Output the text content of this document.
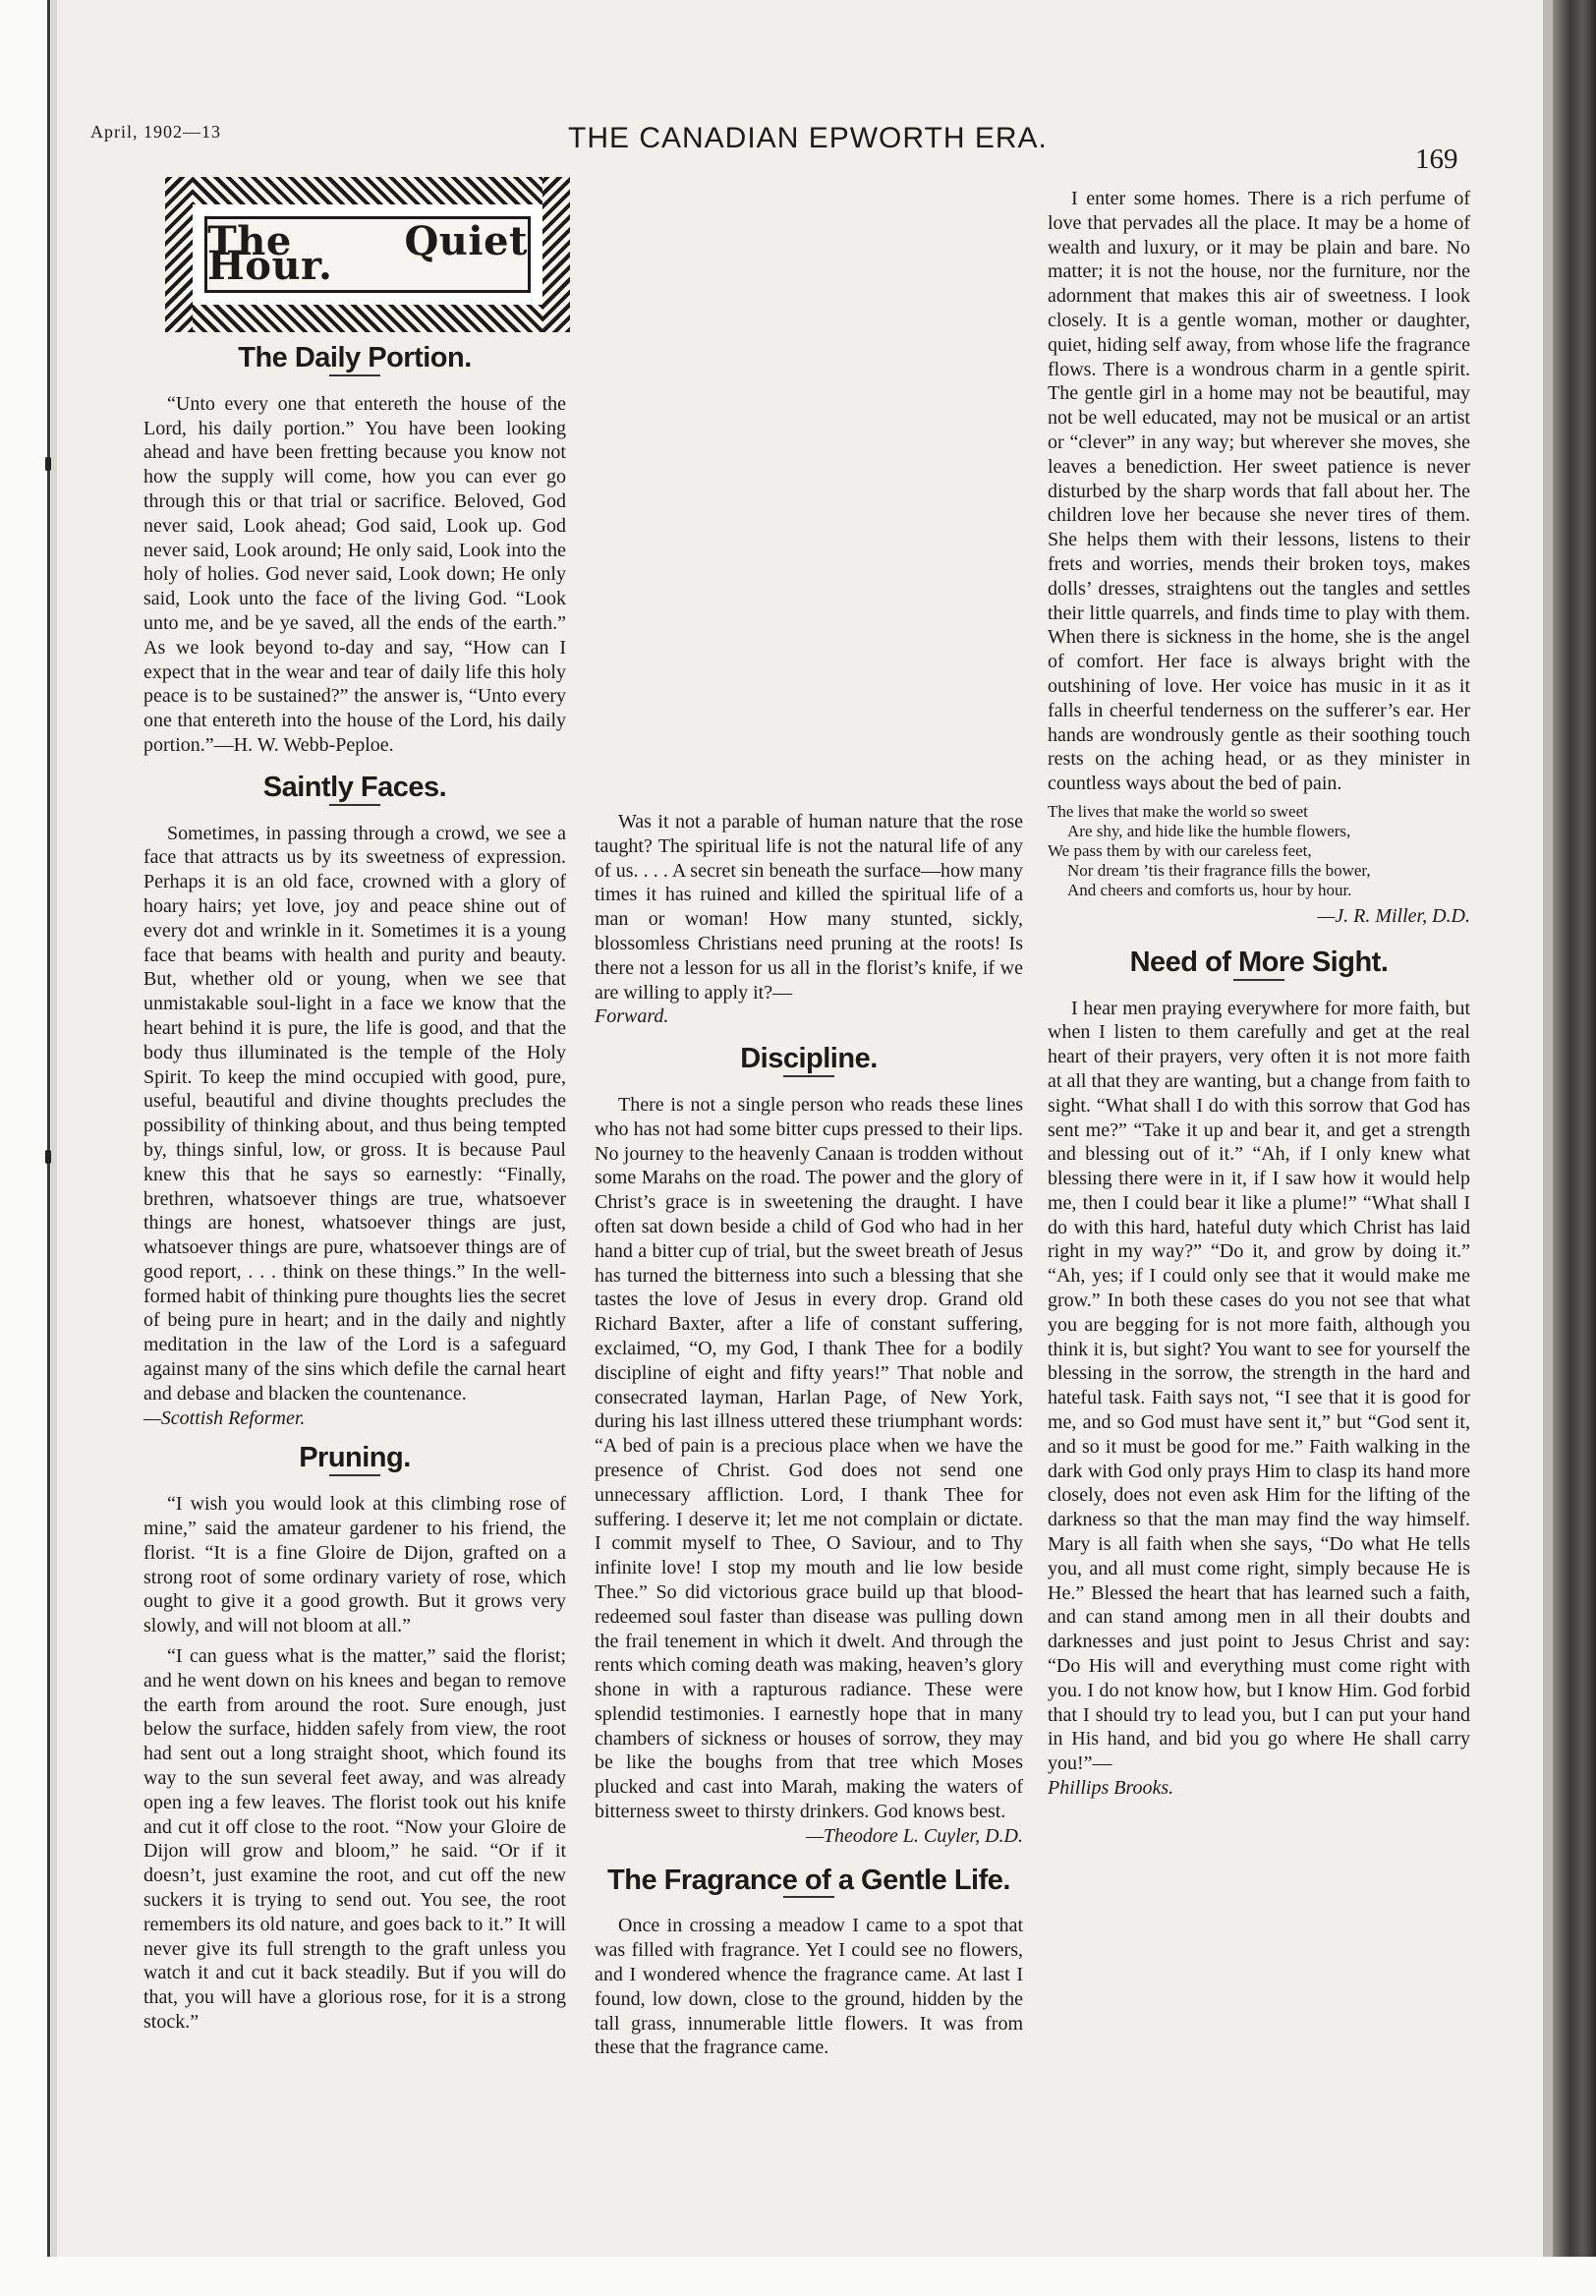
April, 1902—13	THE CANADIAN EPWORTH ERA.
169
The Quiet Hour.
The Daily Portion.

“Unto every one that entereth the house of the Lord, his daily portion.” You have been looking ahead and have been fretting because you know not how the supply will come, how you can ever go through this or that trial or sacrifice. Beloved, God never said, Look ahead; God said, Look up. God never said, Look around; He only said, Look into the holy of holies. God never said, Look down; He only said, Look unto the face of the living God. “Look unto me, and be ye saved, all the ends of the earth.” As we look beyond to-day and say, “How can I expect that in the wear and tear of daily life this holy peace is to be sustained?” the answer is, “Unto every one that entereth into the house of the Lord, his daily portion.”—H. W. Webb-Peploe.

Saintly Faces.

Sometimes, in passing through a crowd, we see a face that attracts us by its sweetness of expression. Perhaps it is an old face, crowned with a glory of hoary hairs; yet love, joy and peace shine out of every dot and wrinkle in it. Sometimes it is a young face that beams with health and purity and beauty. But, whether old or young, when we see that unmistakable soul-light in a face we know that the heart behind it is pure, the life is good, and that the body thus illuminated is the temple of the Holy Spirit. To keep the mind occupied with good, pure, useful, beautiful and divine thoughts precludes the possibility of thinking about, and thus being tempted by, things sinful, low, or gross. It is because Paul knew this that he says so earnestly: “Finally, brethren, whatsoever things are true, whatsoever things are honest, whatsoever things are just, whatsoever things are pure, whatsoever things are of good report, . . . think on these things.” In the well-formed habit of thinking pure thoughts lies the secret of being pure in heart; and in the daily and nightly meditation in the law of the Lord is a safeguard against many of the sins which defile the carnal heart and debase and blacken the countenance.

—Scottish Reformer.

Pruning.

“I wish you would look at this climbing rose of mine,” said the amateur gardener to his friend, the florist. “It is a fine Gloire de Dijon, grafted on a strong root of some ordinary variety of rose, which ought to give it a good growth. But it grows very slowly, and will not bloom at all.”

“I can guess what is the matter,” said the florist; and he went down on his knees and began to remove the earth from around the root. Sure enough, just below the surface, hidden safely from view, the root had sent out a long straight shoot, which found its way to the sun several feet away, and was already open ing a few leaves. The florist took out his knife and cut it off close to the root. “Now your Gloire de Dijon will grow and bloom,” he said. “Or if it doesn’t, just examine the root, and cut off the new suckers it is trying to send out. You see, the root remembers its old nature, and goes back to it.” It will never give its full strength to the graft unless you watch it and cut it back steadily. But if you will do that, you will have a glorious rose, for it is a strong stock.”

Was it not a parable of human nature that the rose taught? The spiritual life is not the natural life of any of us. . . . A secret sin beneath the surface—how many times it has ruined and killed the spiritual life of a man or woman! How many stunted, sickly, blossomless Christians need pruning at the roots! Is there not a lesson for us all in the florist’s knife, if we are willing to apply it?—

Forward.

Discipline.

There is not a single person who reads these lines who has not had some bitter cups pressed to their lips. No journey to the heavenly Canaan is trodden without some Marahs on the road. The power and the glory of Christ’s grace is in sweetening the draught. I have often sat down beside a child of God who had in her hand a bitter cup of trial, but the sweet breath of Jesus has turned the bitterness into such a blessing that she tastes the love of Jesus in every drop. Grand old Richard Baxter, after a life of constant suffering, exclaimed, “O, my God, I thank Thee for a bodily discipline of eight and fifty years!” That noble and consecrated layman, Harlan Page, of New York, during his last illness uttered these triumphant words: “A bed of pain is a precious place when we have the presence of Christ. God does not send one unnecessary affliction. Lord, I thank Thee for suffering. I deserve it; let me not complain or dictate. I commit myself to Thee, O Saviour, and to Thy infinite love! I stop my mouth and lie low beside Thee.” So did victorious grace build up that blood-redeemed soul faster than disease was pulling down the frail tenement in which it dwelt. And through the rents which coming death was making, heaven’s glory shone in with a rapturous radiance. These were splendid testimonies. I earnestly hope that in many chambers of sickness or houses of sorrow, they may be like the boughs from that tree which Moses plucked and cast into Marah, making the waters of bitterness sweet to thirsty drinkers. God knows best.

—Theodore L. Cuyler, D.D.

The Fragrance of a Gentle Life.

Once in crossing a meadow I came to a spot that was filled with fragrance. Yet I could see no flowers, and I wondered whence the fragrance came. At last I found, low down, close to the ground, hidden by the tall grass, innumerable little flowers. It was from these that the fragrance came.

I enter some homes. There is a rich perfume of love that pervades all the place. It may be a home of wealth and luxury, or it may be plain and bare. No matter; it is not the house, nor the furniture, nor the adornment that makes this air of sweetness. I look closely. It is a gentle woman, mother or daughter, quiet, hiding self away, from whose life the fragrance flows. There is a wondrous charm in a gentle spirit. The gentle girl in a home may not be beautiful, may not be well educated, may not be musical or an artist or “clever” in any way; but wherever she moves, she leaves a benediction. Her sweet patience is never disturbed by the sharp words that fall about her. The children love her because she never tires of them. She helps them with their lessons, listens to their frets and worries, mends their broken toys, makes dolls’ dresses, straightens out the tangles and settles their little quarrels, and finds time to play with them. When there is sickness in the home, she is the angel of comfort. Her face is always bright with the outshining of love. Her voice has music in it as it falls in cheerful tenderness on the sufferer’s ear. Her hands are wondrously gentle as their soothing touch rests on the aching head, or as they minister in countless ways about the bed of pain.

The lives that make the world so sweet
Are shy, and hide like the humble flowers,
We pass them by with our careless feet,
Nor dream ’tis their fragrance fills the bower,
And cheers and comforts us, hour by hour.

—J. R. Miller, D.D.

Need of More Sight.

I hear men praying everywhere for more faith, but when I listen to them carefully and get at the real heart of their prayers, very often it is not more faith at all that they are wanting, but a change from faith to sight. “What shall I do with this sorrow that God has sent me?” “Take it up and bear it, and get a strength and blessing out of it.” “Ah, if I only knew what blessing there were in it, if I saw how it would help me, then I could bear it like a plume!” “What shall I do with this hard, hateful duty which Christ has laid right in my way?” “Do it, and grow by doing it.” “Ah, yes; if I could only see that it would make me grow.” In both these cases do you not see that what you are begging for is not more faith, although you think it is, but sight? You want to see for yourself the blessing in the sorrow, the strength in the hard and hateful task. Faith says not, “I see that it is good for me, and so God must have sent it,” but “God sent it, and so it must be good for me.” Faith walking in the dark with God only prays Him to clasp its hand more closely, does not even ask Him for the lifting of the darkness so that the man may find the way himself. Mary is all faith when she says, “Do what He tells you, and all must come right, simply because He is He.” Blessed the heart that has learned such a faith, and can stand among men in all their doubts and darknesses and just point to Jesus Christ and say: “Do His will and everything must come right with you. I do not know how, but I know Him. God forbid that I should try to lead you, but I can put your hand in His hand, and bid you go where He shall carry you!”—

Phillips Brooks.
